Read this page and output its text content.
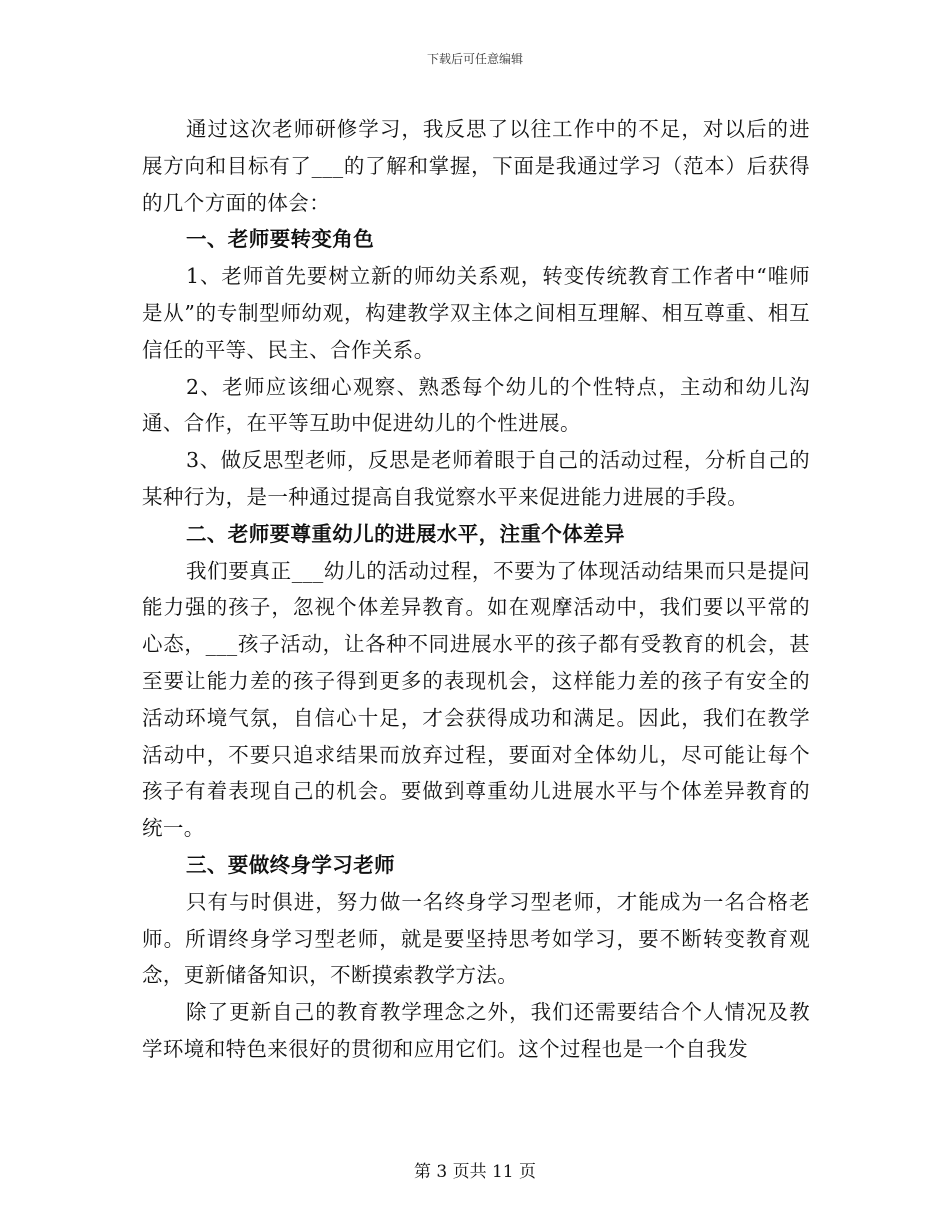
下载后可任意编辑

通过这次老师研修学习，我反思了以往工作中的不足，对以后的进展方向和目标有了___的了解和掌握，下面是我通过学习（范本）后获得的几个方面的体会：

一、老师要转变角色

1、老师首先要树立新的师幼关系观，转变传统教育工作者中“唯师是从”的专制型师幼观，构建教学双主体之间相互理解、相互尊重、相互信任的平等、民主、合作关系。

2、老师应该细心观察、熟悉每个幼儿的个性特点，主动和幼儿沟通、合作，在平等互助中促进幼儿的个性进展。

3、做反思型老师，反思是老师着眼于自己的活动过程，分析自己的某种行为，是一种通过提高自我觉察水平来促进能力进展的手段。

二、老师要尊重幼儿的进展水平，注重个体差异

我们要真正___幼儿的活动过程，不要为了体现活动结果而只是提问能力强的孩子，忽视个体差异教育。如在观摩活动中，我们要以平常的心态，___孩子活动，让各种不同进展水平的孩子都有受教育的机会，甚至要让能力差的孩子得到更多的表现机会，这样能力差的孩子有安全的活动环境气氛，自信心十足，才会获得成功和满足。因此，我们在教学活动中，不要只追求结果而放弃过程，要面对全体幼儿，尽可能让每个孩子有着表现自己的机会。要做到尊重幼儿进展水平与个体差异教育的统一。

三、要做终身学习老师

只有与时俱进，努力做一名终身学习型老师，才能成为一名合格老师。所谓终身学习型老师，就是要坚持思考如学习，要不断转变教育观念，更新储备知识，不断摸索教学方法。

除了更新自己的教育教学理念之外，我们还需要结合个人情况及教学环境和特色来很好的贯彻和应用它们。这个过程也是一个自我发

第 3 页共 11 页
